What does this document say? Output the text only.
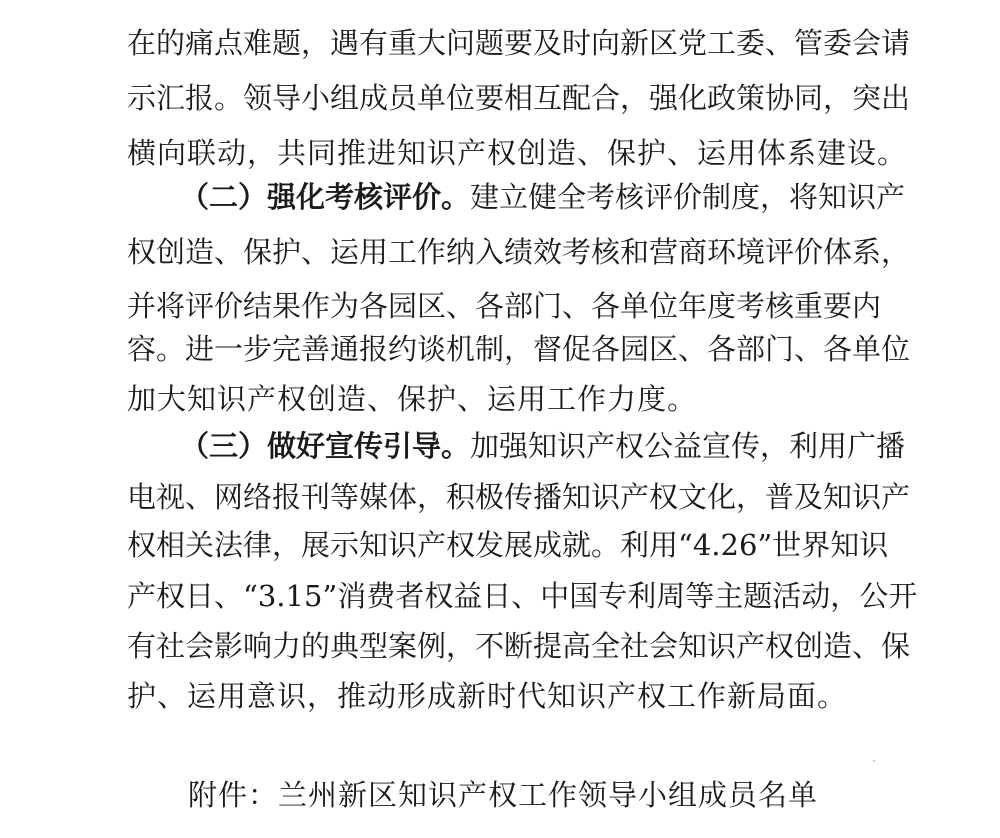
在的痛点难题，遇有重大问题要及时向新区党工委、管委会请
示汇报。领导小组成员单位要相互配合，强化政策协同，突出
横向联动，共同推进知识产权创造、保护、运用体系建设。
（二）强化考核评价。建立健全考核评价制度，将知识产
权创造、保护、运用工作纳入绩效考核和营商环境评价体系，
并将评价结果作为各园区、各部门、各单位年度考核重要内
容。进一步完善通报约谈机制，督促各园区、各部门、各单位
加大知识产权创造、保护、运用工作力度。
（三）做好宣传引导。加强知识产权公益宣传，利用广播
电视、网络报刊等媒体，积极传播知识产权文化，普及知识产
权相关法律，展示知识产权发展成就。利用“4.26”世界知识
产权日、“3.15”消费者权益日、中国专利周等主题活动，公开
有社会影响力的典型案例，不断提高全社会知识产权创造、保
护、运用意识，推动形成新时代知识产权工作新局面。
附件：兰州新区知识产权工作领导小组成员名单
